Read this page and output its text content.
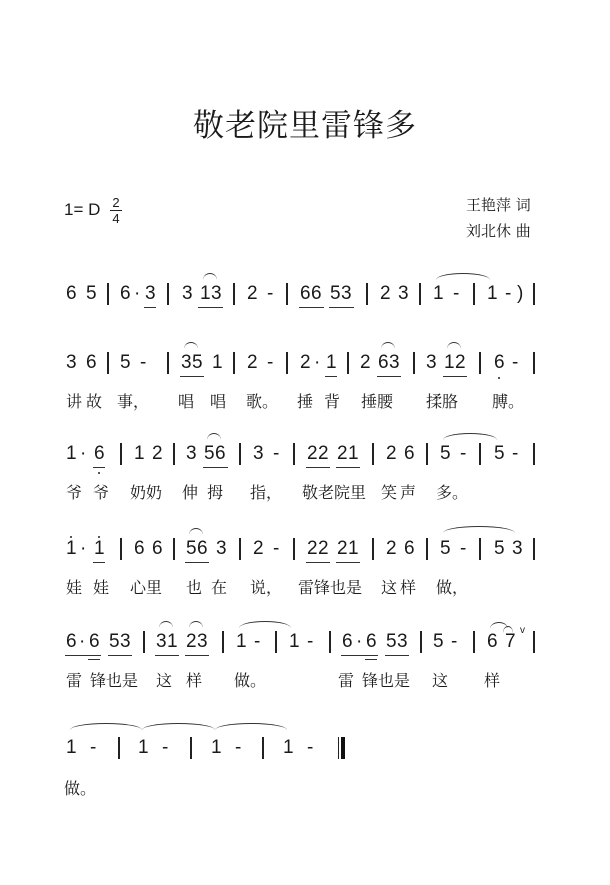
敬老院里雷锋多
1= D 2
4
王艳萍 词
刘北休 曲
6 5 6 · 3 3 1 3 2 - 6 6 5 3 2 3 1 - 1 - )
3 6 5 - 3 5 1 2 - 2 · 1 2 6 3 3 1 2 6 -
讲 故 事， 唱 唱 歌。 捶 背 捶腰 揉胳 膊。
1 · 6 1 2 3 5 6 3 - 2 2 2 1 2 6 5 - 5 -
爷 爷 奶奶 伸 拇 指， 敬老院里 笑 声 多。
1 · 1 6 6 5 6 3 2 - 2 2 2 1 2 6 5 - 5 3
娃 娃 心里 也 在 说， 雷锋也是 这 样 做，
6 · 6 5 3 3 1 2 3 1 - 1 - 6 · 6 5 3 5 - 6 7
v
雷 锋也是 这 样 做。	雷 锋也是 这 样
1 - 1 - 1 - 1 -
做。
